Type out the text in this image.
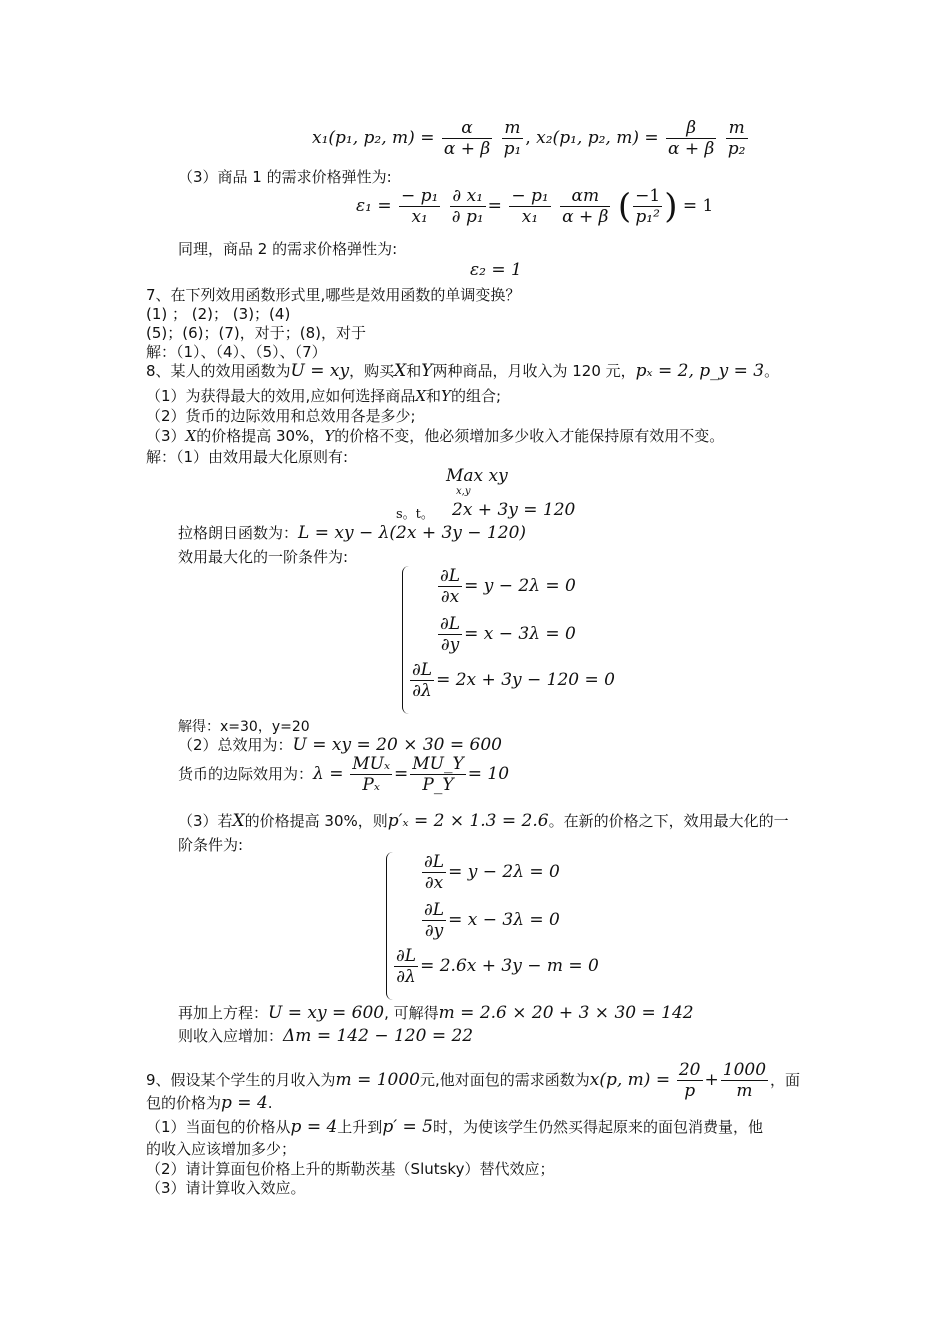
x₁(p₁, p₂, $m) = \frac{\alpha}{\alpha + \beta}$
$\frac{m}{\text{p₁}}$ , x₂(p₁, p₂, $m) = \frac{\beta}{\alpha + \beta}$
$\frac{m}{\text{p₂}}$
（3）商品 1 的需求价格弹性为:
$\varepsilon_1 = \frac{\text{− p₁}}{\text{x₁}}$
$\frac{\text{∂ x₁}}{\text{∂ p₁}} = \frac{\text{− p₁}}{\text{x₁}}$
$\frac{\alpha m}{\alpha + \beta}$ ( $\frac{-1}{\text{p₁²}}$ ) = 1
同理，商品 2 的需求价格弹性为:
ε₂ = 1
7、在下列效用函数形式里,哪些是效用函数的单调变换？
(1) ； (2)； (3)；(4)
(5)；(6)；(7)，对于；(8)，对于
解：（1）、（4）、（5）、（7）
8、某人的效用函数为U = xy，购买X和Y两种商品，月收入为 120 元，pₓ = 2, p_y = 3。
（1）为获得最大的效用,应如何选择商品X和Y的组合;
（2）货币的边际效用和总效用各是多少;
（3）X的价格提高 30%，Y的价格不变，他必须增加多少收入才能保持原有效用不变。
解：（1）由效用最大化原则有:
Max xy
x,y
s。t。 2x + 3y = 120
拉格朗日函数为：L = xy − λ(2x + 3y − 120)
效用最大化的一阶条件为:
$\frac{\partial L}{\partial x} = y - 2\lambda = 0$
$\frac{\partial L}{\partial y} = x - 3\lambda = 0$
$\frac{\partial L}{\partial\lambda} = 2x + 3y - 120 = 0$
解得：x=30，y=20
（2）总效用为：U = xy = 20 × 30 = 600
货币的边际效用为：λ = MUₓ
Pₓ
= $\frac{MU\_Y}{P\_Y} = 10$
（3）若X的价格提高 30%，则p′ₓ = 2 × 1.3 = 2.6。在新的价格之下，效用最大化的一
阶条件为:
$\frac{\partial L}{\partial x} = y - 2\lambda = 0$
$\frac{\partial L}{\partial y} = x - 3\lambda = 0$
$\frac{\partial L}{\partial\lambda} = 2.6x + 3y - m = 0$
再加上方程：U = xy = 600, 可解得m = 2.6 × 20 + 3 × 30 = 142
则收入应增加：Δm = 142 − 120 = 22
9、假设某个学生的月收入为m = 1000元,他对面包的需求函数为x(p, $m) = \frac{20}{p} + \frac{1000}{m}$ ，面
包的价格为p = 4.
（1）当面包的价格从p = 4上升到p′ = 5时，为使该学生仍然买得起原来的面包消费量，他
的收入应该增加多少；
（2）请计算面包价格上升的斯勒茨基（Slutsky）替代效应；
（3）请计算收入效应。
